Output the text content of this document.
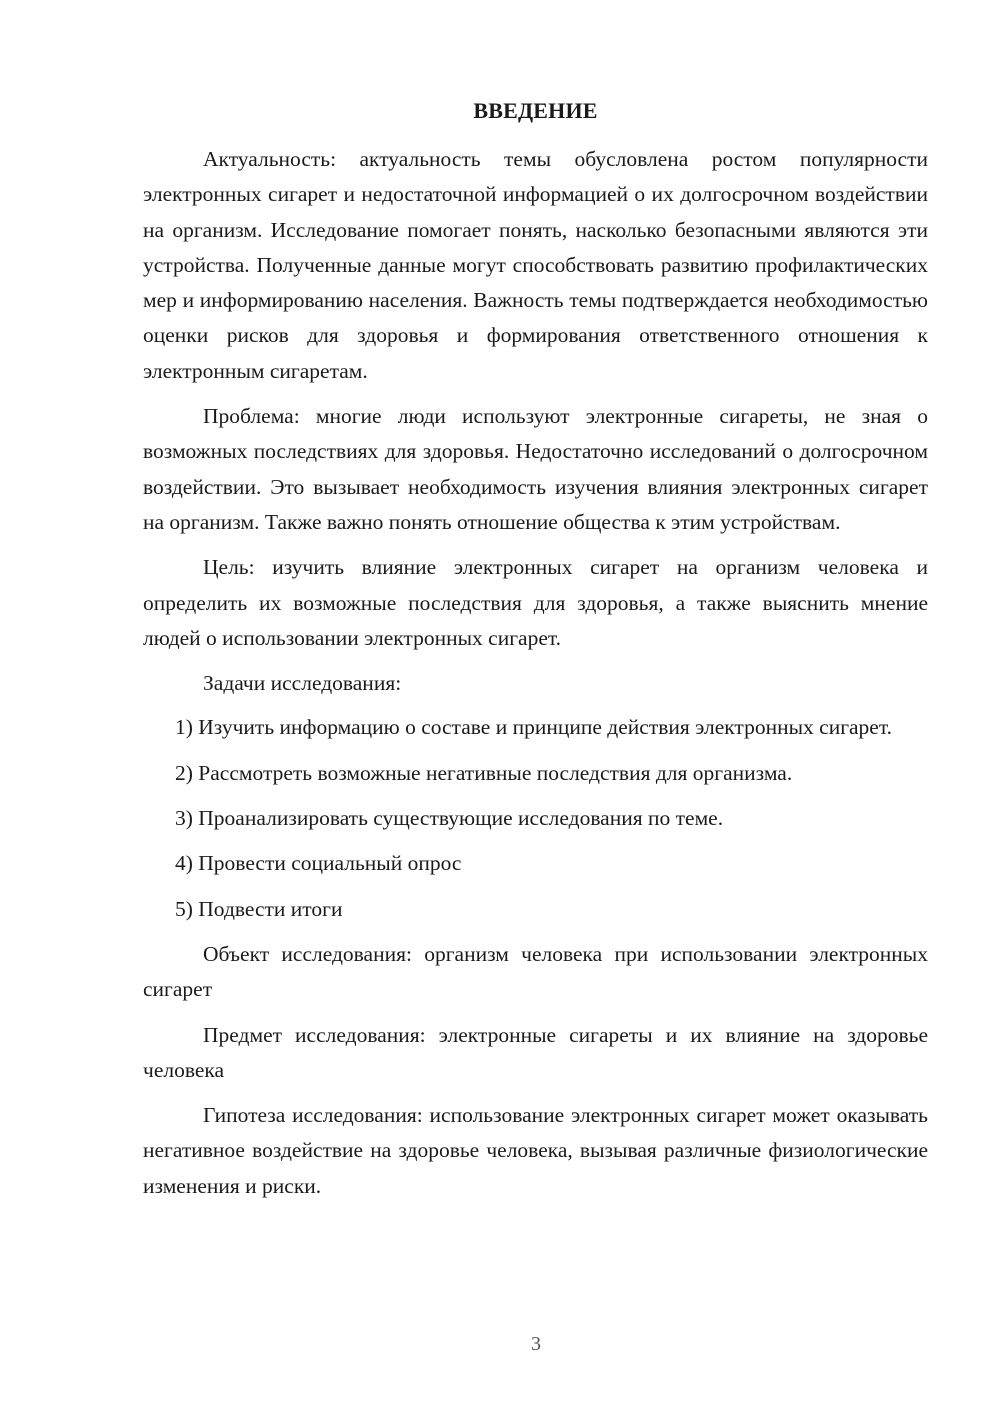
ВВЕДЕНИЕ

Актуальность: актуальность темы обусловлена ростом популярности электронных сигарет и недостаточной информацией о их долгосрочном воздействии на организм. Исследование помогает понять, насколько безопасными являются эти устройства. Полученные данные могут способствовать развитию профилактических мер и информированию населения. Важность темы подтверждается необходимостью оценки рисков для здоровья и формирования ответственного отношения к электронным сигаретам.

Проблема: многие люди используют электронные сигареты, не зная о возможных последствиях для здоровья. Недостаточно исследований о долгосрочном воздействии. Это вызывает необходимость изучения влияния электронных сигарет на организм. Также важно понять отношение общества к этим устройствам.

Цель: изучить влияние электронных сигарет на организм человека и определить их возможные последствия для здоровья, а также выяснить мнение людей о использовании электронных сигарет.

Задачи исследования:

1) Изучить информацию о составе и принципе действия электронных сигарет.

2) Рассмотреть возможные негативные последствия для организма.

3) Проанализировать существующие исследования по теме.

4) Провести социальный опрос

5) Подвести итоги

Объект исследования: организм человека при использовании электронных сигарет

Предмет исследования: электронные сигареты и их влияние на здоровье человека

Гипотеза исследования: использование электронных сигарет может оказывать негативное воздействие на здоровье человека, вызывая различные физиологические изменения и риски.

3
